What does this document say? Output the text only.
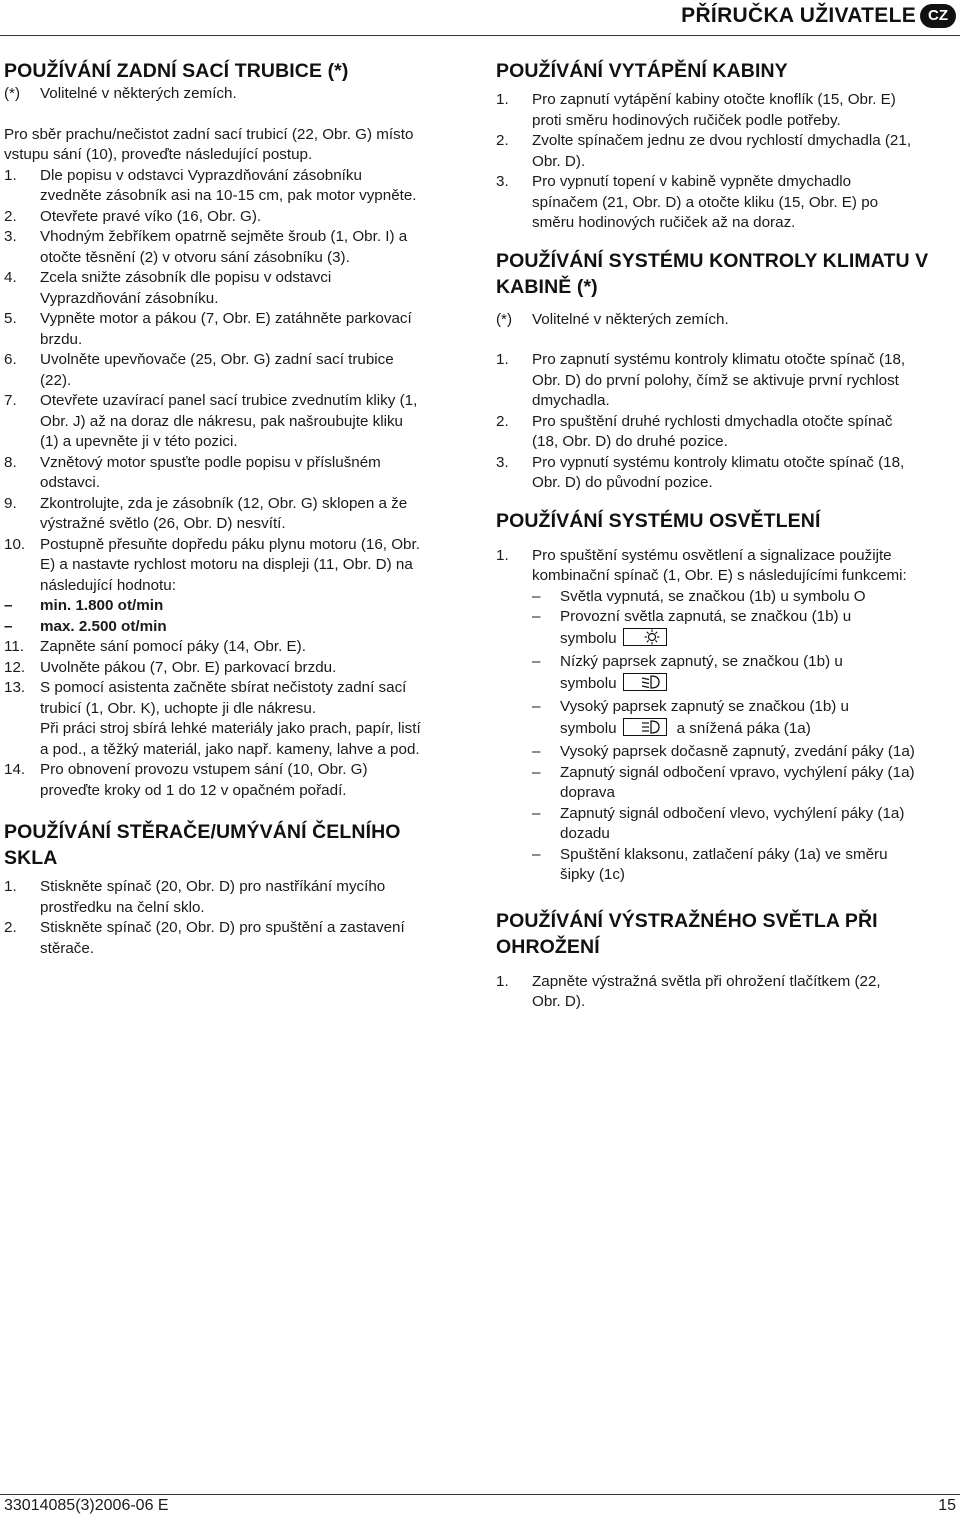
PŘÍRUČKA UŽIVATELE CZ
POUŽÍVÁNÍ ZADNÍ SACÍ TRUBICE (*)
(*)	Volitelné v některých zemích.
Pro sběr prachu/nečistot zadní sací trubicí (22, Obr. G) místo
vstupu sání (10), proveďte následující postup.
1.	Dle popisu v odstavci Vyprazdňování zásobníku
zvedněte zásobník asi na 10-15 cm, pak motor vypněte.
2.	Otevřete pravé víko (16, Obr. G).
3.	Vhodným žebříkem opatrně sejměte šroub (1, Obr. I) a
otočte těsnění (2) v otvoru sání zásobníku (3).
4.	Zcela snižte zásobník dle popisu v odstavci
Vyprazdňování zásobníku.
5.	Vypněte motor a pákou (7, Obr. E) zatáhněte parkovací
brzdu.
6.	Uvolněte upevňovače (25, Obr. G) zadní sací trubice
(22).
7.	Otevřete uzavírací panel sací trubice zvednutím kliky (1,
Obr. J) až na doraz dle nákresu, pak našroubujte kliku
(1) a upevněte ji v této pozici.
8.	Vznětový motor spusťte podle popisu v příslušném
odstavci.
9.	Zkontrolujte, zda je zásobník (12, Obr. G) sklopen a že
výstražné světlo (26, Obr. D) nesvítí.
10. Postupně přesuňte dopředu páku plynu motoru (16, Obr.
E) a nastavte rychlost motoru na displeji (11, Obr. D) na
následující hodnotu:
–	min. 1.800 ot/min
–	max. 2.500 ot/min
11.	Zapněte sání pomocí páky (14, Obr. E).
12. Uvolněte pákou (7, Obr. E) parkovací brzdu.
13. S pomocí asistenta začněte sbírat nečistoty zadní sací
trubicí (1, Obr. K), uchopte ji dle nákresu.
Při práci stroj sbírá lehké materiály jako prach, papír, listí
a pod., a těžký materiál, jako např. kameny, lahve a pod.
14. Pro obnovení provozu vstupem sání (10, Obr. G)
proveďte kroky od 1 do 12 v opačném pořadí.
POUŽÍVÁNÍ STĚRAČE/UMÝVÁNÍ ČELNÍHO
SKLA
1.	Stiskněte spínač (20, Obr. D) pro nastříkání mycího
prostředku na čelní sklo.
2.	Stiskněte spínač (20, Obr. D) pro spuštění a zastavení
stěrače.
POUŽÍVÁNÍ VYTÁPĚNÍ KABINY
1.	Pro zapnutí vytápění kabiny otočte knoflík (15, Obr. E)
proti směru hodinových ručiček podle potřeby.
2.	Zvolte spínačem jednu ze dvou rychlostí dmychadla (21,
Obr. D).
3.	Pro vypnutí topení v kabině vypněte dmychadlo
spínačem (21, Obr. D) a otočte kliku (15, Obr. E) po
směru hodinových ručiček až na doraz.
POUŽÍVÁNÍ SYSTÉMU KONTROLY KLIMATU V
KABINĚ (*)
(*)	Volitelné v některých zemích.
1.	Pro zapnutí systému kontroly klimatu otočte spínač (18,
Obr. D) do první polohy, čímž se aktivuje první rychlost
dmychadla.
2.	Pro spuštění druhé rychlosti dmychadla otočte spínač
(18, Obr. D) do druhé pozice.
3.	Pro vypnutí systému kontroly klimatu otočte spínač (18,
Obr. D) do původní pozice.
POUŽÍVÁNÍ SYSTÉMU OSVĚTLENÍ
1.	Pro spuštění systému osvětlení a signalizace použijte
kombinační spínač (1, Obr. E) s následujícími funkcemi:
–	Světla vypnutá, se značkou (1b) u symbolu O
–	Provozní světla zapnutá, se značkou (1b) u
symbolu
–	Nízký paprsek zapnutý, se značkou (1b) u
symbolu
–	Vysoký paprsek zapnutý se značkou (1b) u
symbolu	a snížená páka (1a)
–	Vysoký paprsek dočasně zapnutý, zvedání páky (1a)
–	Zapnutý signál odbočení vpravo, vychýlení páky (1a)
doprava
–	Zapnutý signál odbočení vlevo, vychýlení páky (1a)
dozadu
–	Spuštění klaksonu, zatlačení páky (1a) ve směru
šipky (1c)
POUŽÍVÁNÍ VÝSTRAŽNÉHO SVĚTLA PŘI
OHROŽENÍ
1.	Zapněte výstražná světla při ohrožení tlačítkem (22,
Obr. D).
33014085(3)2006-06 E	15
